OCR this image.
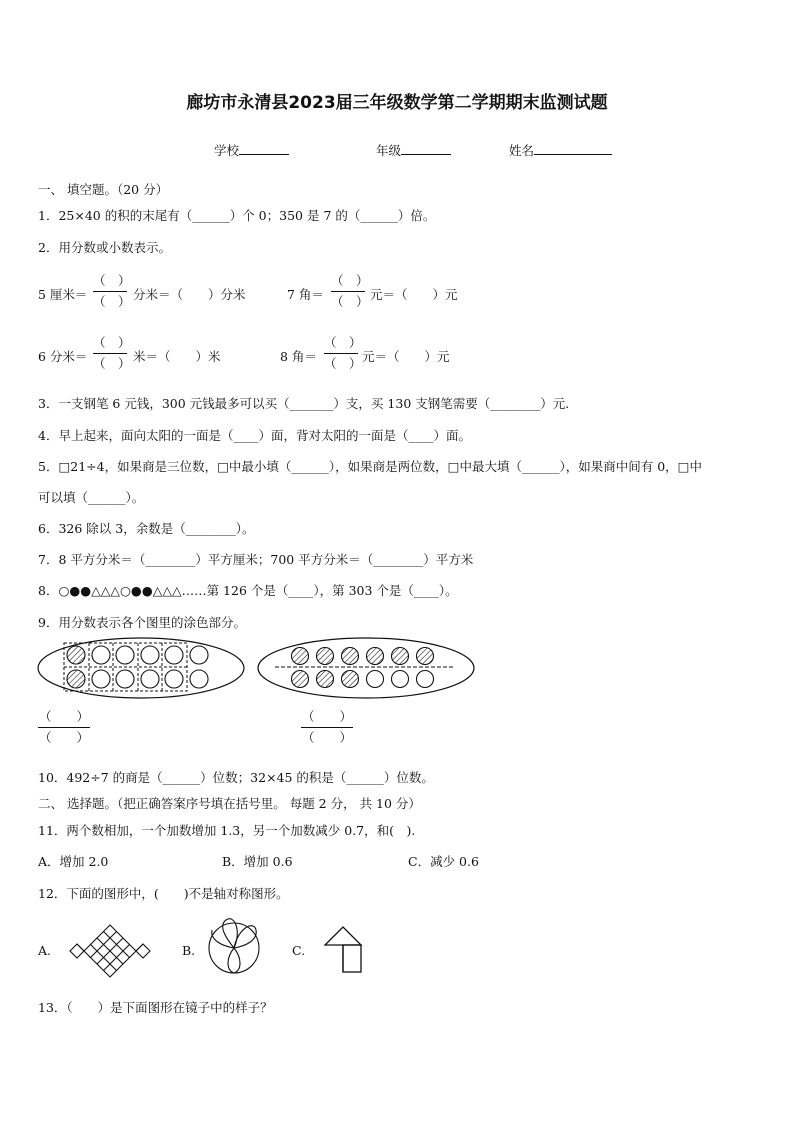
廊坊市永清县2023届三年级数学第二学期期末监测试题
学校	年级	姓名
一、 填空题。（20 分）
1．25×40 的积的末尾有（______）个 0；350 是 7 的（______）倍。
2．用分数或小数表示。
5 厘米＝
（　）
（　） 分米＝（　　）分米	7 角＝
（　）
（　） 元＝（　　）元
6 分米＝
（　）
（　） 米＝（　　）米	8 角＝
（　）
（　） 元＝（　　）元
3．一支钢笔 6 元钱，300 元钱最多可以买（_______）支，买 130 支钢笔需要（________）元.
4．早上起来，面向太阳的一面是（____）面，背对太阳的一面是（____）面。
5．□21÷4，如果商是三位数，□中最小填（______），如果商是两位数，□中最大填（______），如果商中间有 0，□中
可以填（______）。
6．326 除以 3，余数是（________）。
7．8 平方分米＝（________）平方厘米；700 平方分米＝（________）平方米
8．○●●△△△○●●△△△……第 126 个是（____），第 303 个是（____）。
9．用分数表示各个图里的涂色部分。
（　　）
（　　）
（　　）
（　　）
10．492÷7 的商是（______）位数；32×45 的积是（______）位数。
二、 选择题。（把正确答案序号填在括号里。 每题 2 分， 共 10 分）
11．两个数相加，一个加数增加 1.3，另一个加数减少 0.7，和(　).
A．增加 2.0	B．增加 0.6	C．减少 0.6
12．下面的图形中，(　　)不是轴对称图形。
A.	B.	C.
13．（　　）是下面图形在镜子中的样子？
